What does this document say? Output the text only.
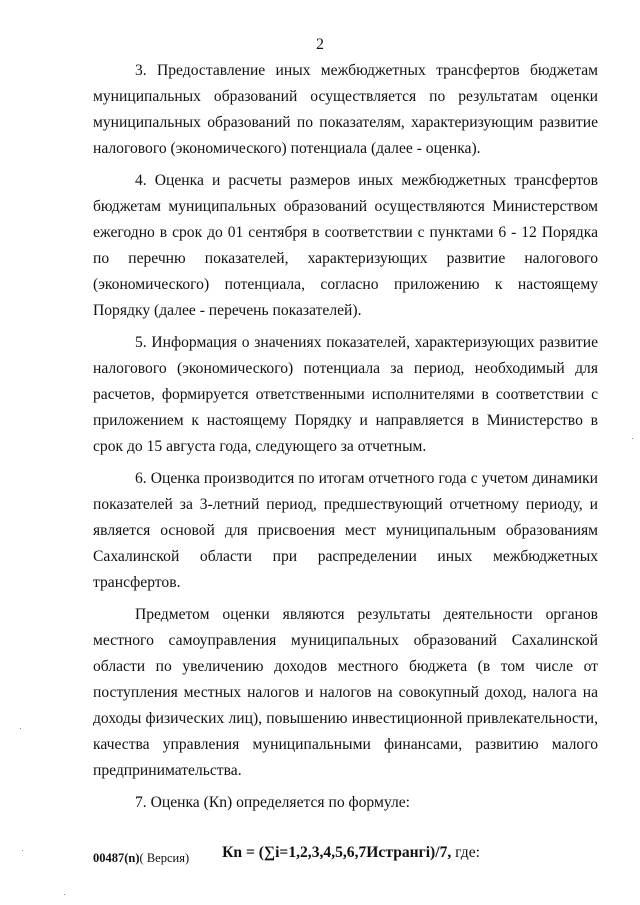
2

3. Предоставление иных межбюджетных трансфертов бюджетам муниципальных образований осуществляется по результатам оценки муниципальных образований по показателям, характеризующим развитие налогового (экономического) потенциала (далее - оценка).

4. Оценка и расчеты размеров иных межбюджетных трансфертов бюджетам муниципальных образований осуществляются Министерством ежегодно в срок до 01 сентября в соответствии с пунктами 6 - 12 Порядка по перечню показателей, характеризующих развитие налогового (экономического) потенциала, согласно приложению к настоящему Порядку (далее - перечень показателей).

5. Информация о значениях показателей, характеризующих развитие налогового (экономического) потенциала за период, необходимый для расчетов, формируется ответственными исполнителями в соответствии с приложением к настоящему Порядку и направляется в Министерство в срок до 15 августа года, следующего за отчетным.

6. Оценка производится по итогам отчетного года с учетом динамики показателей за 3-летний период, предшествующий отчетному периоду, и является основой для присвоения мест муниципальным образованиям Сахалинской области при распределении иных межбюджетных трансфертов.

Предметом оценки являются результаты деятельности органов местного самоуправления муниципальных образований Сахалинской области по увеличению доходов местного бюджета (в том числе от поступления местных налогов и налогов на совокупный доход, налога на доходы физических лиц), повышению инвестиционной привлекательности, качества управления муниципальными финансами, развитию малого предпринимательства.

7. Оценка (Кn) определяется по формуле:

Кn = (∑i=1,2,3,4,5,6,7Истрангi)/7, где:
00487(n)( Версия)
